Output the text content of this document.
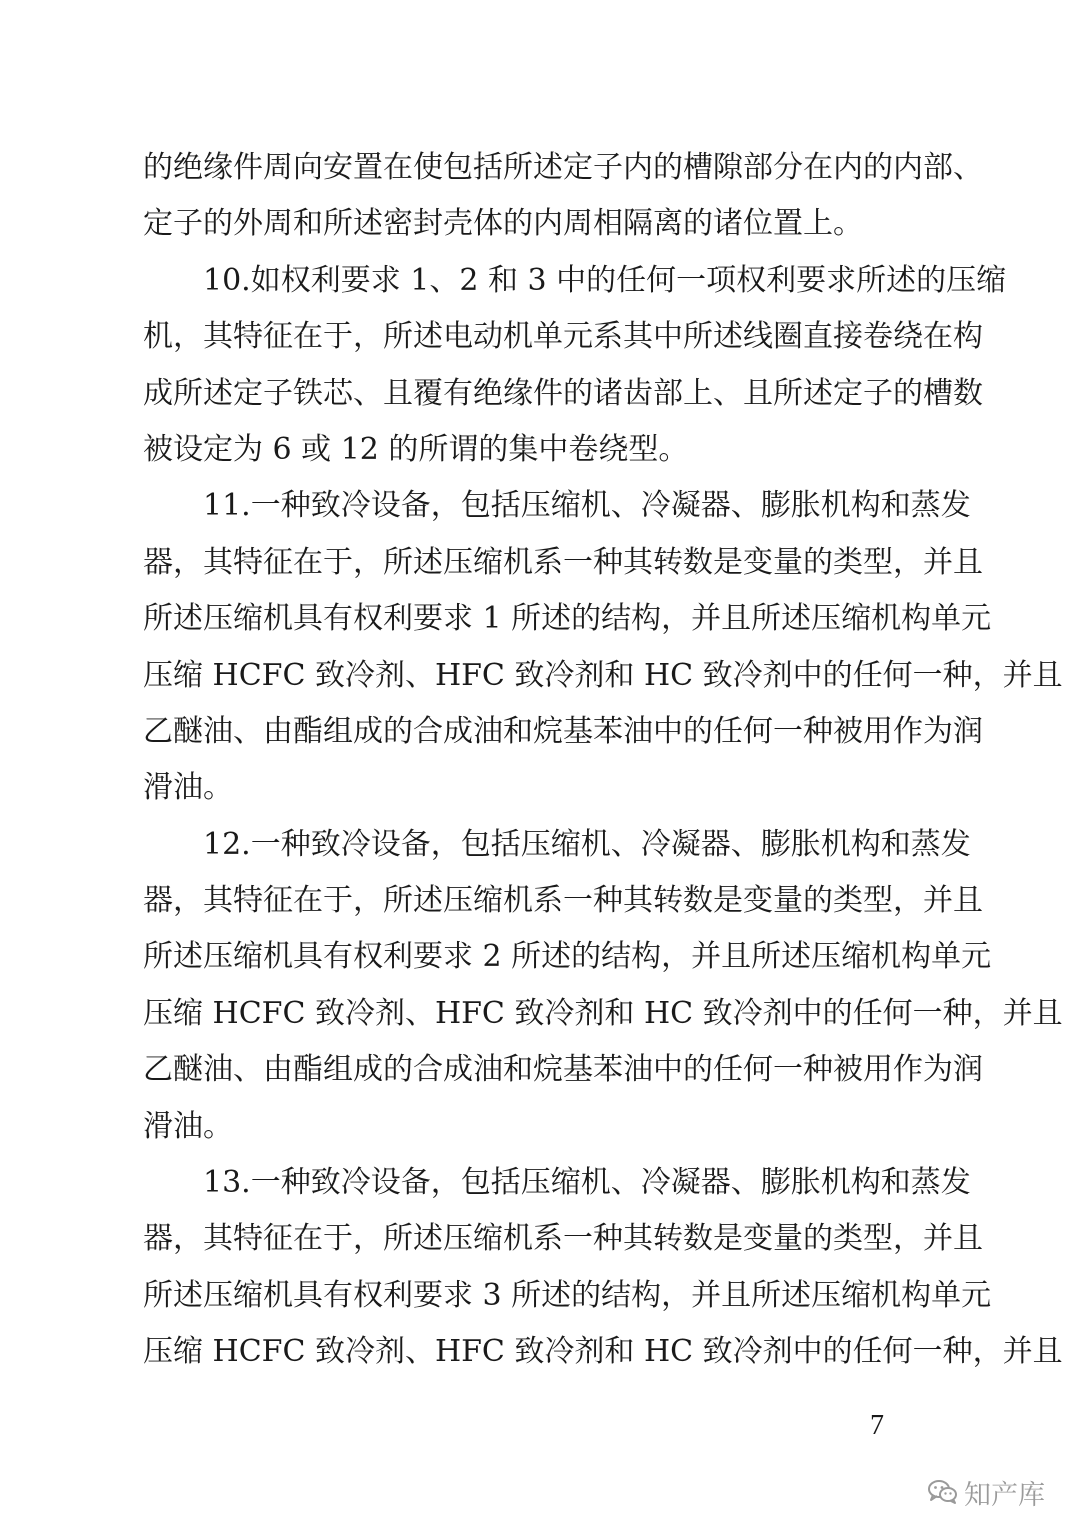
的绝缘件周向安置在使包括所述定子内的槽隙部分在内的内部、
定子的外周和所述密封壳体的内周相隔离的诸位置上。
10.如权利要求 1、2 和 3 中的任何一项权利要求所述的压缩
机，其特征在于，所述电动机单元系其中所述线圈直接卷绕在构
成所述定子铁芯、且覆有绝缘件的诸齿部上、且所述定子的槽数
被设定为 6 或 12 的所谓的集中卷绕型。
11.一种致冷设备，包括压缩机、冷凝器、膨胀机构和蒸发
器，其特征在于，所述压缩机系一种其转数是变量的类型，并且
所述压缩机具有权利要求 1 所述的结构，并且所述压缩机构单元
压缩 HCFC 致冷剂、HFC 致冷剂和 HC 致冷剂中的任何一种，并且
乙醚油、由酯组成的合成油和烷基苯油中的任何一种被用作为润
滑油。
12.一种致冷设备，包括压缩机、冷凝器、膨胀机构和蒸发
器，其特征在于，所述压缩机系一种其转数是变量的类型，并且
所述压缩机具有权利要求 2 所述的结构，并且所述压缩机构单元
压缩 HCFC 致冷剂、HFC 致冷剂和 HC 致冷剂中的任何一种，并且
乙醚油、由酯组成的合成油和烷基苯油中的任何一种被用作为润
滑油。
13.一种致冷设备，包括压缩机、冷凝器、膨胀机构和蒸发
器，其特征在于，所述压缩机系一种其转数是变量的类型，并且
所述压缩机具有权利要求 3 所述的结构，并且所述压缩机构单元
压缩 HCFC 致冷剂、HFC 致冷剂和 HC 致冷剂中的任何一种，并且
7
知产库
